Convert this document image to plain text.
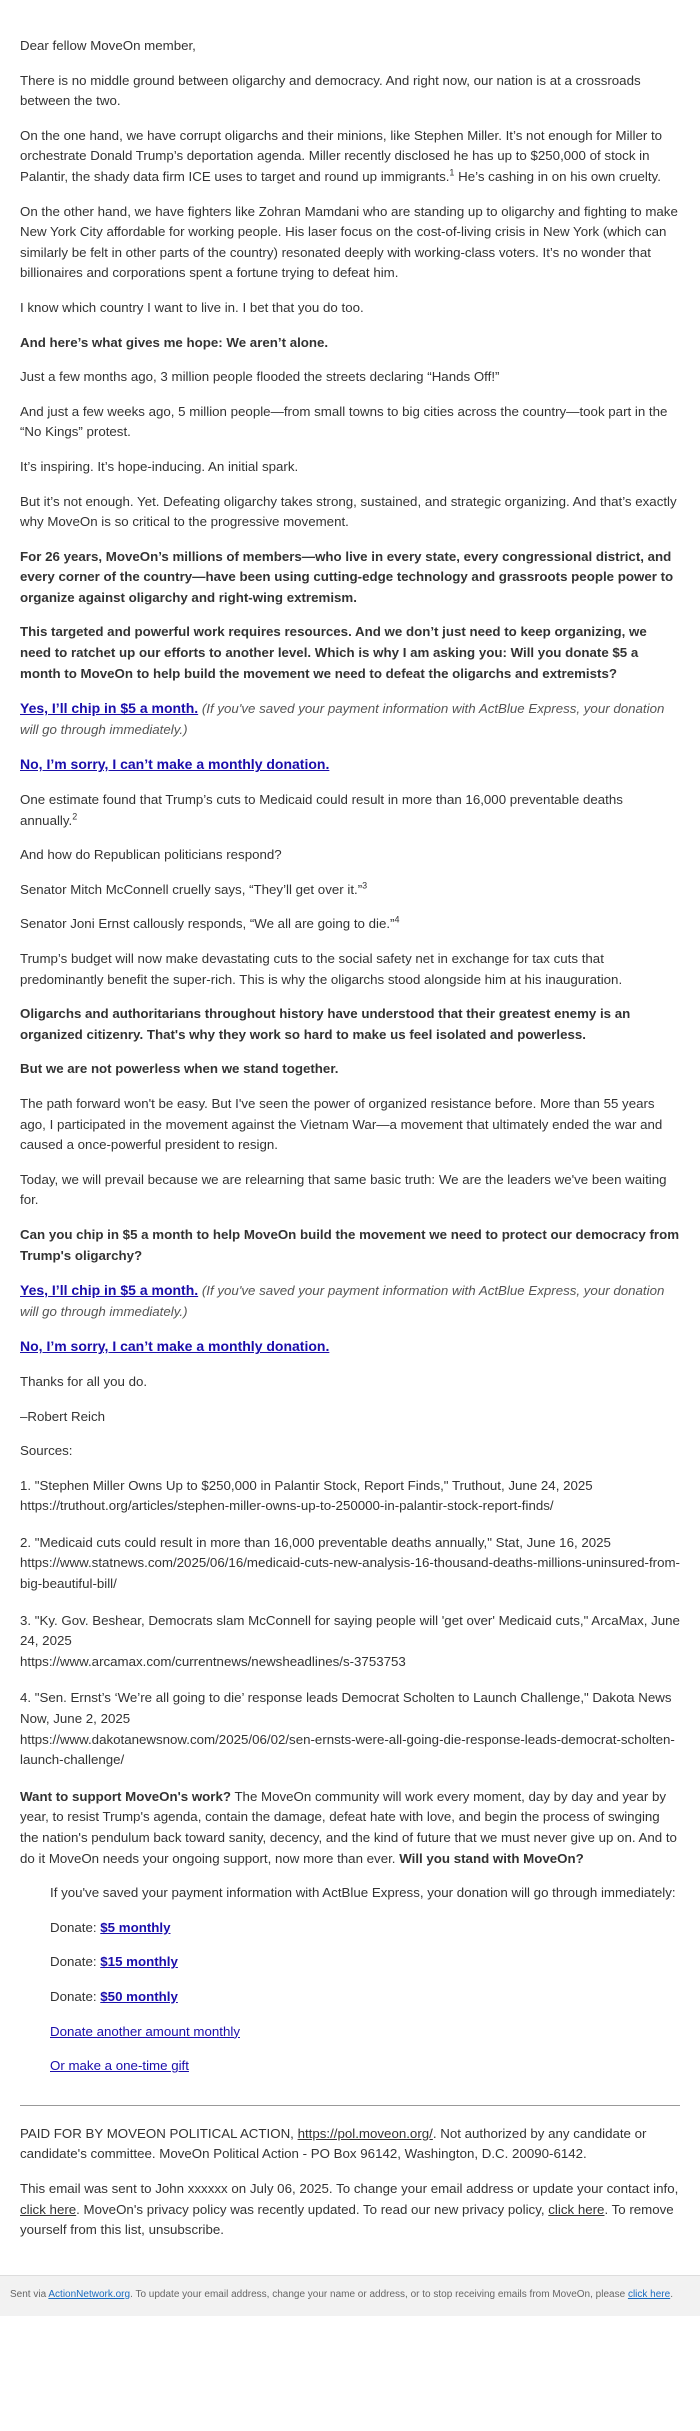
Dear fellow MoveOn member,

There is no middle ground between oligarchy and democracy. And right now, our nation is at a crossroads between the two.

On the one hand, we have corrupt oligarchs and their minions, like Stephen Miller. It’s not enough for Miller to orchestrate Donald Trump’s deportation agenda. Miller recently disclosed he has up to $250,000 of stock in Palantir, the shady data firm ICE uses to target and round up immigrants.$^1$ He’s cashing in on his own cruelty.

On the other hand, we have fighters like Zohran Mamdani who are standing up to oligarchy and fighting to make New York City affordable for working people. His laser focus on the cost-of-living crisis in New York (which can similarly be felt in other parts of the country) resonated deeply with working-class voters. It’s no wonder that billionaires and corporations spent a fortune trying to defeat him.

I know which country I want to live in. I bet that you do too.

And here’s what gives me hope: We aren’t alone.

Just a few months ago, 3 million people flooded the streets declaring “Hands Off!”

And just a few weeks ago, 5 million people—from small towns to big cities across the country—took part in the “No Kings” protest.

It’s inspiring. It’s hope-inducing. An initial spark.

But it’s not enough. Yet. Defeating oligarchy takes strong, sustained, and strategic organizing. And that’s exactly why MoveOn is so critical to the progressive movement.

For 26 years, MoveOn’s millions of members—who live in every state, every congressional district, and every corner of the country—have been using cutting-edge technology and grassroots people power to organize against oligarchy and right-wing extremism.

This targeted and powerful work requires resources. And we don’t just need to keep organizing, we need to ratchet up our efforts to another level. Which is why I am asking you: Will you donate $5 a month to MoveOn to help build the movement we need to defeat the oligarchs and extremists?

Yes, I’ll chip in $5 a month. (If you've saved your payment information with ActBlue Express, your donation will go through immediately.)

No, I’m sorry, I can’t make a monthly donation.

One estimate found that Trump’s cuts to Medicaid could result in more than 16,000 preventable deaths annually.$^2$

And how do Republican politicians respond?

Senator Mitch McConnell cruelly says, “They’ll get over it.”$^3$

Senator Joni Ernst callously responds, “We all are going to die.”$^4$

Trump’s budget will now make devastating cuts to the social safety net in exchange for tax cuts that predominantly benefit the super-rich. This is why the oligarchs stood alongside him at his inauguration.

Oligarchs and authoritarians throughout history have understood that their greatest enemy is an organized citizenry. That's why they work so hard to make us feel isolated and powerless.

But we are not powerless when we stand together.

The path forward won't be easy. But I've seen the power of organized resistance before. More than 55 years ago, I participated in the movement against the Vietnam War—a movement that ultimately ended the war and caused a once-powerful president to resign.

Today, we will prevail because we are relearning that same basic truth: We are the leaders we've been waiting for.

Can you chip in $5 a month to help MoveOn build the movement we need to protect our democracy from Trump's oligarchy?

Yes, I’ll chip in $5 a month. (If you've saved your payment information with ActBlue Express, your donation will go through immediately.)

No, I’m sorry, I can’t make a monthly donation.

Thanks for all you do.

–Robert Reich

Sources:

1. "Stephen Miller Owns Up to $250,000 in Palantir Stock, Report Finds," Truthout, June 24, 2025
https://truthout.org/articles/stephen-miller-owns-up-to-250000-in-palantir-stock-report-finds/

2. "Medicaid cuts could result in more than 16,000 preventable deaths annually," Stat, June 16, 2025
https://www.statnews.com/2025/06/16/medicaid-cuts-new-analysis-16-thousand-deaths-millions-uninsured-from-big-beautiful-bill/

3. "Ky. Gov. Beshear, Democrats slam McConnell for saying people will 'get over' Medicaid cuts," ArcaMax, June 24, 2025
https://www.arcamax.com/currentnews/newsheadlines/s-3753753

4. "Sen. Ernst’s ‘We’re all going to die’ response leads Democrat Scholten to Launch Challenge," Dakota News Now, June 2, 2025
https://www.dakotanewsnow.com/2025/06/02/sen-ernsts-were-all-going-die-response-leads-democrat-scholten-launch-challenge/

Want to support MoveOn's work? The MoveOn community will work every moment, day by day and year by year, to resist Trump's agenda, contain the damage, defeat hate with love, and begin the process of swinging the nation's pendulum back toward sanity, decency, and the kind of future that we must never give up on. And to do it MoveOn needs your ongoing support, now more than ever. Will you stand with MoveOn?

If you've saved your payment information with ActBlue Express, your donation will go through immediately:

Donate: $5 monthly

Donate: $15 monthly

Donate: $50 monthly

Donate another amount monthly

Or make a one-time gift

PAID FOR BY MOVEON POLITICAL ACTION, https://pol.moveon.org/. Not authorized by any candidate or candidate's committee. MoveOn Political Action - PO Box 96142, Washington, D.C. 20090-6142.

This email was sent to John xxxxxx on July 06, 2025. To change your email address or update your contact info, click here. MoveOn's privacy policy was recently updated. To read our new privacy policy, click here. To remove yourself from this list, unsubscribe.

Sent via ActionNetwork.org. To update your email address, change your name or address, or to stop receiving emails from MoveOn, please click here.
